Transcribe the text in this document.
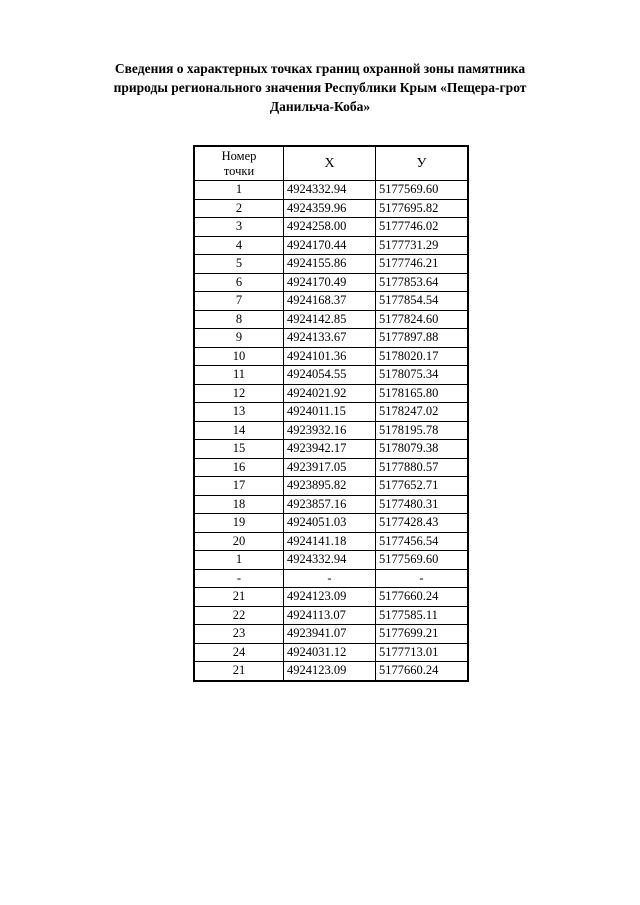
Сведения о характерных точках границ охранной зоны памятника
природы регионального значения Республики Крым «Пещера-грот
Данильча-Коба»
Номер
точки	Х	У
1	4924332.94	5177569.60
2	4924359.96	5177695.82
3	4924258.00	5177746.02
4	4924170.44	5177731.29
5	4924155.86	5177746.21
6	4924170.49	5177853.64
7	4924168.37	5177854.54
8	4924142.85	5177824.60
9	4924133.67	5177897.88
10	4924101.36	5178020.17
11	4924054.55	5178075.34
12	4924021.92	5178165.80
13	4924011.15	5178247.02
14	4923932.16	5178195.78
15	4923942.17	5178079.38
16	4923917.05	5177880.57
17	4923895.82	5177652.71
18	4923857.16	5177480.31
19	4924051.03	5177428.43
20	4924141.18	5177456.54
1	4924332.94	5177569.60
-	-	-
21	4924123.09	5177660.24
22	4924113.07	5177585.11
23	4923941.07	5177699.21
24	4924031.12	5177713.01
21	4924123.09	5177660.24
